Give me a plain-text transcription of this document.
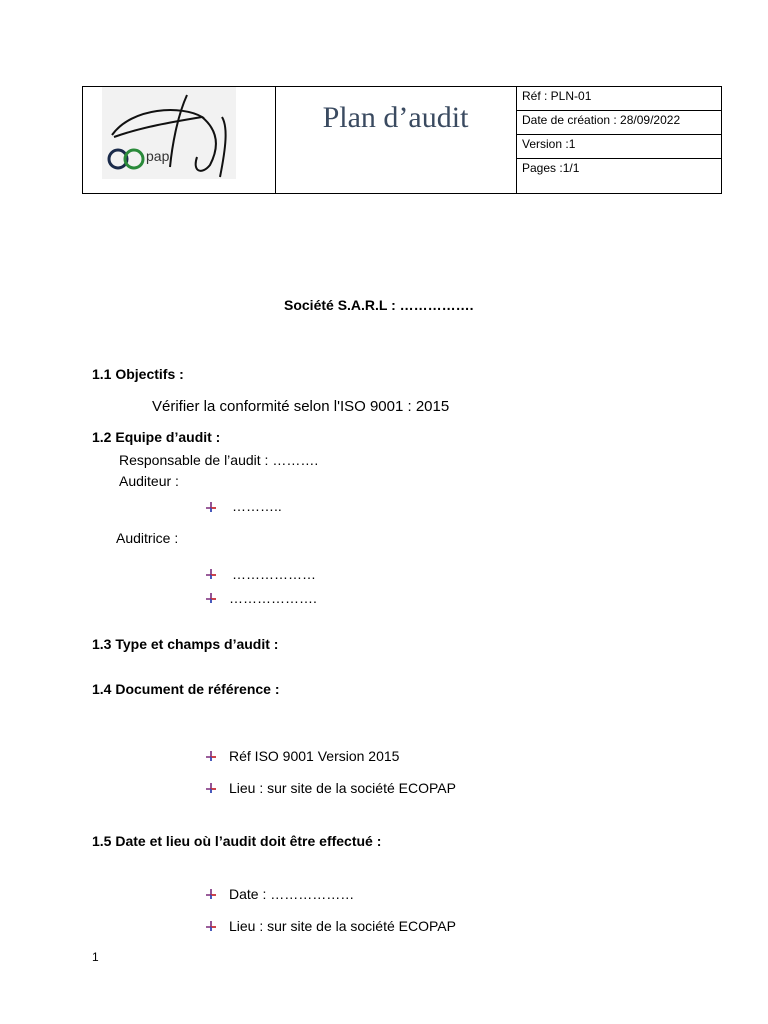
pap
Plan d’audit
Réf : PLN-01
Date de création : 28/09/2022
Version :1
Pages :1/1
Société S.A.R.L : …………….
1.1 Objectifs :
Vérifier la conformité selon l'ISO 9001 : 2015
1.2 Equipe d’audit :
Responsable de l’audit : ……….
Auditeur :
………..
Auditrice :
………………
……………….
1.3 Type et champs d’audit :
1.4 Document de référence :
Réf ISO 9001 Version 2015
Lieu : sur site de la société ECOPAP
1.5 Date et lieu où l’audit doit être effectué :
Date : ………………
Lieu : sur site de la société ECOPAP
1
